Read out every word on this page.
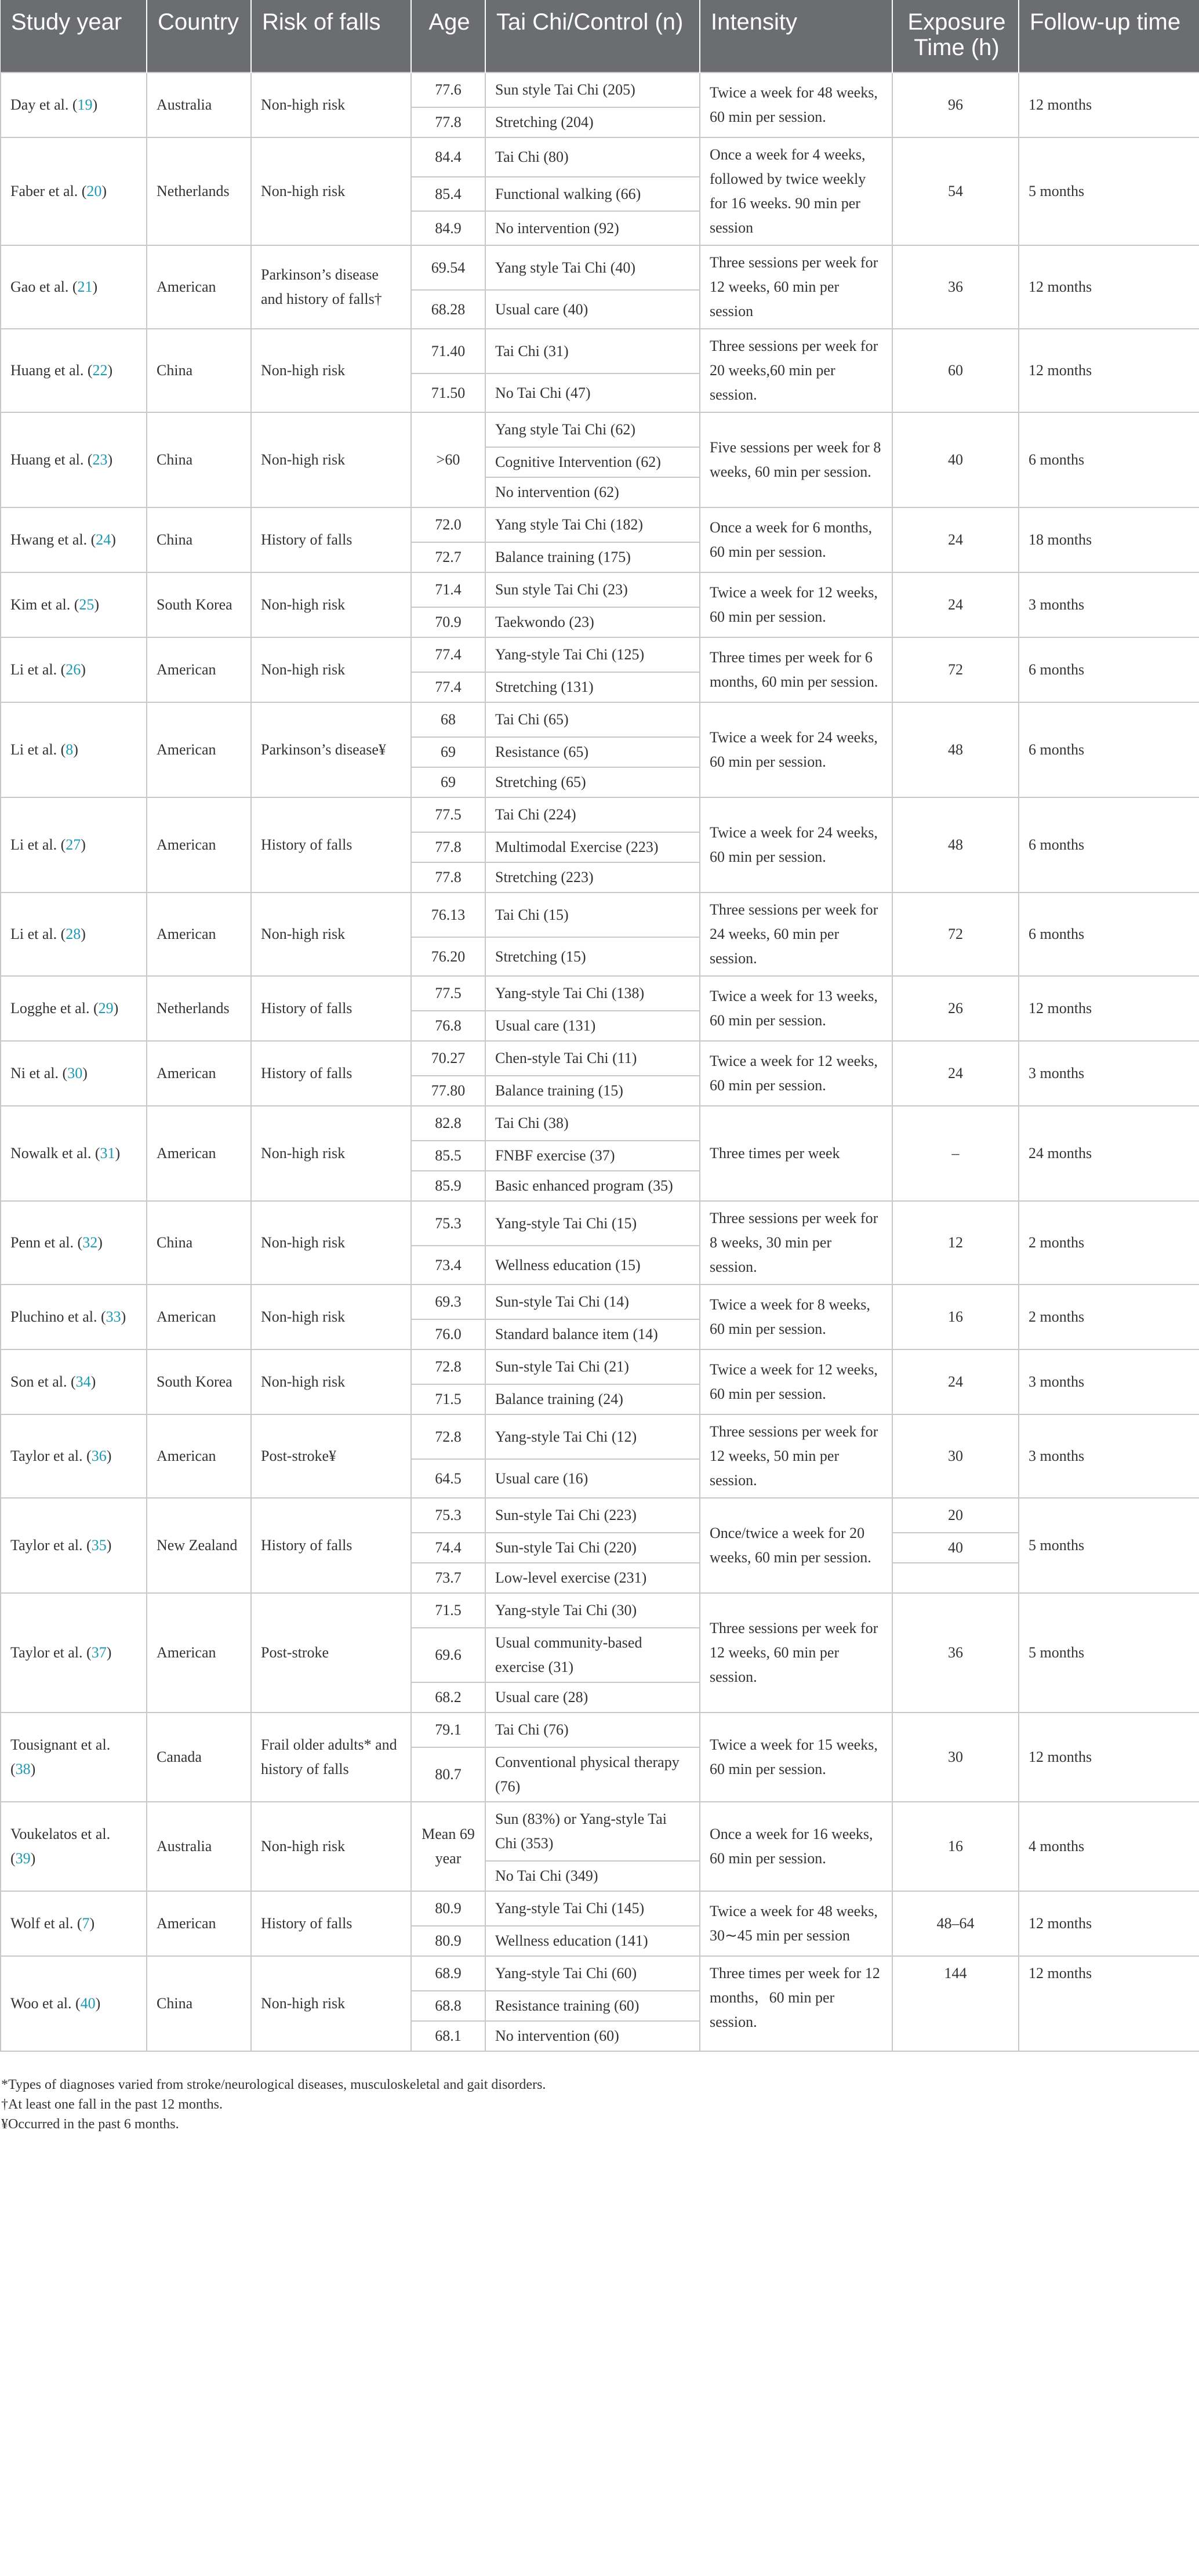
Study year	Country	Risk of falls	Age	Tai Chi/Control (n)	Intensity	Exposure Time (h)	Follow-up time
Day et al. (19)	Australia	Non-high risk	77.6	Sun style Tai Chi (205)	Twice a week for 48 weeks, 60 min per session.	96	12 months
			77.8	Stretching (204)			
Faber et al. (20)	Netherlands	Non-high risk	84.4	Tai Chi (80)	Once a week for 4 weeks, followed by twice weekly for 16 weeks. 90 min per session	54	5 months
			85.4	Functional walking (66)			
			84.9	No intervention (92)			
Gao et al. (21)	American	Parkinson’s disease and history of falls†	69.54	Yang style Tai Chi (40)	Three sessions per week for 12 weeks, 60 min per session	36	12 months
			68.28	Usual care (40)			
Huang et al. (22)	China	Non-high risk	71.40	Tai Chi (31)	Three sessions per week for 20 weeks,60 min per session.	60	12 months
			71.50	No Tai Chi (47)			
Huang et al. (23)	China	Non-high risk	>60	Yang style Tai Chi (62)	Five sessions per week for 8 weeks, 60 min per session.	40	6 months
				Cognitive Intervention (62)			
				No intervention (62)			
Hwang et al. (24)	China	History of falls	72.0	Yang style Tai Chi (182)	Once a week for 6 months, 60 min per session.	24	18 months
			72.7	Balance training (175)			
Kim et al. (25)	South Korea	Non-high risk	71.4	Sun style Tai Chi (23)	Twice a week for 12 weeks, 60 min per session.	24	3 months
			70.9	Taekwondo (23)			
Li et al. (26)	American	Non-high risk	77.4	Yang-style Tai Chi (125)	Three times per week for 6 months, 60 min per session.	72	6 months
			77.4	Stretching (131)			
Li et al. (8)	American	Parkinson’s disease¥	68	Tai Chi (65)	Twice a week for 24 weeks, 60 min per session.	48	6 months
			69	Resistance (65)			
			69	Stretching (65)			
Li et al. (27)	American	History of falls	77.5	Tai Chi (224)	Twice a week for 24 weeks, 60 min per session.	48	6 months
			77.8	Multimodal Exercise (223)			
			77.8	Stretching (223)			
Li et al. (28)	American	Non-high risk	76.13	Tai Chi (15)	Three sessions per week for 24 weeks, 60 min per session.	72	6 months
			76.20	Stretching (15)			
Logghe et al. (29)	Netherlands	History of falls	77.5	Yang-style Tai Chi (138)	Twice a week for 13 weeks, 60 min per session.	26	12 months
			76.8	Usual care (131)			
Ni et al. (30)	American	History of falls	70.27	Chen-style Tai Chi (11)	Twice a week for 12 weeks, 60 min per session.	24	3 months
			77.80	Balance training (15)			
Nowalk et al. (31)	American	Non-high risk	82.8	Tai Chi (38)	Three times per week	–	24 months
			85.5	FNBF exercise (37)			
			85.9	Basic enhanced program (35)			
Penn et al. (32)	China	Non-high risk	75.3	Yang-style Tai Chi (15)	Three sessions per week for 8 weeks, 30 min per session.	12	2 months
			73.4	Wellness education (15)			
Pluchino et al. (33)	American	Non-high risk	69.3	Sun-style Tai Chi (14)	Twice a week for 8 weeks, 60 min per session.	16	2 months
			76.0	Standard balance item (14)			
Son et al. (34)	South Korea	Non-high risk	72.8	Sun-style Tai Chi (21)	Twice a week for 12 weeks, 60 min per session.	24	3 months
			71.5	Balance training (24)			
Taylor et al. (36)	American	Post-stroke¥	72.8	Yang-style Tai Chi (12)	Three sessions per week for 12 weeks, 50 min per session.	30	3 months
			64.5	Usual care (16)			
Taylor et al. (35)	New Zealand	History of falls	75.3	Sun-style Tai Chi (223)	Once/twice a week for 20 weeks, 60 min per session.	20	5 months
			74.4	Sun-style Tai Chi (220)		40	
			73.7	Low-level exercise (231)			
Taylor et al. (37)	American	Post-stroke	71.5	Yang-style Tai Chi (30)	Three sessions per week for 12 weeks, 60 min per session.	36	5 months
			69.6	Usual community-based exercise (31)			
			68.2	Usual care (28)			
Tousignant et al. (38)	Canada	Frail older adults* and history of falls	79.1	Tai Chi (76)	Twice a week for 15 weeks, 60 min per session.	30	12 months
			80.7	Conventional physical therapy (76)			
Voukelatos et al. (39)	Australia	Non-high risk	Mean 69 year	Sun (83%) or Yang-style Tai Chi (353)	Once a week for 16 weeks, 60 min per session.	16	4 months
				No Tai Chi (349)			
Wolf et al. (7)	American	History of falls	80.9	Yang-style Tai Chi (145)	Twice a week for 48 weeks, 30∼45 min per session	48–64	12 months
			80.9	Wellness education (141)			
Woo et al. (40)	China	Non-high risk	68.9	Yang-style Tai Chi (60)	Three times per week for 12 months，60 min per session.	144	12 months
			68.8	Resistance training (60)			
			68.1	No intervention (60)			
*Types of diagnoses varied from stroke/neurological diseases, musculoskeletal and gait disorders.
†At least one fall in the past 12 months.
¥Occurred in the past 6 months.
